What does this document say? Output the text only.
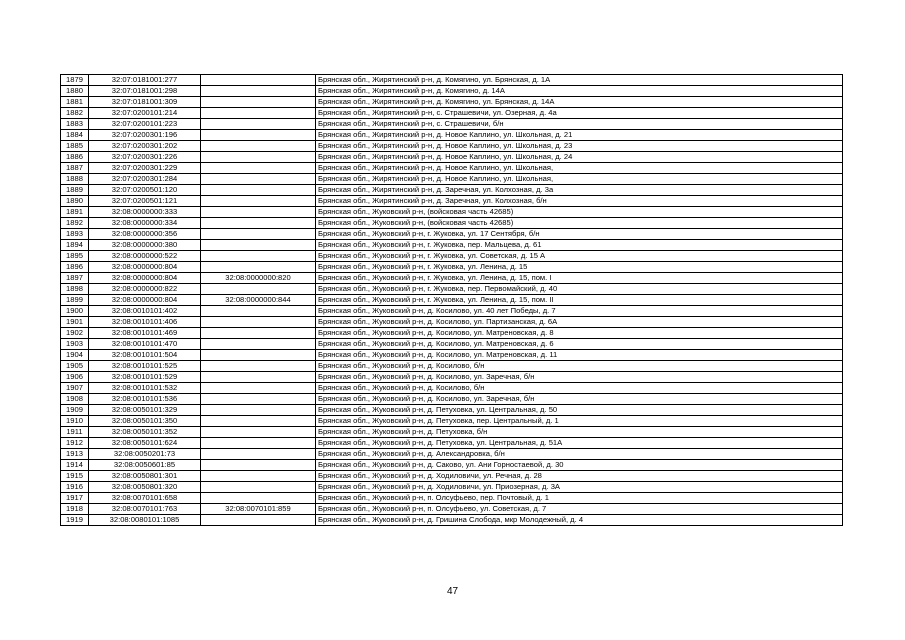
1879	32:07:0181001:277		Брянская обл., Жирятинский р-н, д. Комягино, ул. Брянская, д. 1А
1880	32:07:0181001:298		Брянская обл., Жирятинский р-н, д. Комягино, д. 14А
1881	32:07:0181001:309		Брянская обл., Жирятинский р-н, д. Комягино, ул. Брянская, д. 14А
1882	32:07:0200101:214		Брянская обл., Жирятинский р-н, с. Страшевичи, ул. Озерная, д. 4а
1883	32:07:0200101:223		Брянская обл., Жирятинский р-н, с. Страшевичи, б/н
1884	32:07:0200301:196		Брянская обл., Жирятинский р-н, д. Новое Каплино, ул. Школьная, д. 21
1885	32:07:0200301:202		Брянская обл., Жирятинский р-н, д. Новое Каплино, ул. Школьная, д. 23
1886	32:07:0200301:226		Брянская обл., Жирятинский р-н, д. Новое Каплино, ул. Школьная, д. 24
1887	32:07:0200301:229		Брянская обл., Жирятинский р-н, д. Новое Каплино, ул. Школьная,
1888	32:07:0200301:284		Брянская обл., Жирятинский р-н, д. Новое Каплино, ул. Школьная,
1889	32:07:0200501:120		Брянская обл., Жирятинский р-н, д. Заречная, ул. Колхозная, д. 3а
1890	32:07:0200501:121		Брянская обл., Жирятинский р-н, д. Заречная, ул. Колхозная, б/н
1891	32:08:0000000:333		Брянская обл., Жуковский р-н, (войсковая часть 42685)
1892	32:08:0000000:334		Брянская обл., Жуковский р-н, (войсковая часть 42685)
1893	32:08:0000000:356		Брянская обл., Жуковский р-н, г. Жуковка, ул. 17 Сентября, б/н
1894	32:08:0000000:380		Брянская обл., Жуковский р-н, г. Жуковка, пер. Мальцева, д. 61
1895	32:08:0000000:522		Брянская обл., Жуковский р-н, г. Жуковка, ул. Советская, д. 15 А
1896	32:08:0000000:804		Брянская обл., Жуковский р-н, г. Жуковка, ул. Ленина, д. 15
1897	32:08:0000000:804	32:08:0000000:820	Брянская обл., Жуковский р-н, г. Жуковка, ул. Ленина, д. 15, пом. I
1898	32:08:0000000:822		Брянская обл., Жуковский р-н, г. Жуковка, пер. Первомайский, д. 40
1899	32:08:0000000:804	32:08:0000000:844	Брянская обл., Жуковский р-н, г. Жуковка, ул. Ленина, д. 15, пом. II
1900	32:08:0010101:402		Брянская обл., Жуковский р-н, д. Косилово, ул. 40 лет Победы, д. 7
1901	32:08:0010101:406		Брянская обл., Жуковский р-н, д. Косилово, ул. Партизанская, д. 6А
1902	32:08:0010101:469		Брянская обл., Жуковский р-н, д. Косилово, ул. Матреновская, д. 8
1903	32:08:0010101:470		Брянская обл., Жуковский р-н, д. Косилово, ул. Матреновская, д. 6
1904	32:08:0010101:504		Брянская обл., Жуковский р-н, д. Косилово, ул. Матреновская, д. 11
1905	32:08:0010101:525		Брянская обл., Жуковский р-н, д. Косилово, б/н
1906	32:08:0010101:529		Брянская обл., Жуковский р-н, д. Косилово, ул. Заречная, б/н
1907	32:08:0010101:532		Брянская обл., Жуковский р-н, д. Косилово, б/н
1908	32:08:0010101:536		Брянская обл., Жуковский р-н, д. Косилово, ул. Заречная, б/н
1909	32:08:0050101:329		Брянская обл., Жуковский р-н, д. Петуховка, ул. Центральная, д. 50
1910	32:08:0050101:350		Брянская обл., Жуковский р-н, д. Петуховка, пер. Центральный, д. 1
1911	32:08:0050101:352		Брянская обл., Жуковский р-н, д. Петуховка, б/н
1912	32:08:0050101:624		Брянская обл., Жуковский р-н, д. Петуховка, ул. Центральная, д. 51А
1913	32:08:0050201:73		Брянская обл., Жуковский р-н, д. Александровка, б/н
1914	32:08:0050601:85		Брянская обл., Жуковский р-н, д. Саково, ул. Ани Горностаевой, д. 30
1915	32:08:0050801:301		Брянская обл., Жуковский р-н, д. Ходиловичи, ул. Речная, д. 28
1916	32:08:0050801:320		Брянская обл., Жуковский р-н, д. Ходиловичи, ул. Приозерная, д. 3А
1917	32:08:0070101:658		Брянская обл., Жуковский р-н, п. Олсуфьево, пер. Почтовый, д. 1
1918	32:08:0070101:763	32:08:0070101:859	Брянская обл., Жуковский р-н, п. Олсуфьево, ул. Советская, д. 7
1919	32:08:0080101:1085		Брянская обл., Жуковский р-н, д. Гришина Слобода, мкр Молодежный, д. 4
47
